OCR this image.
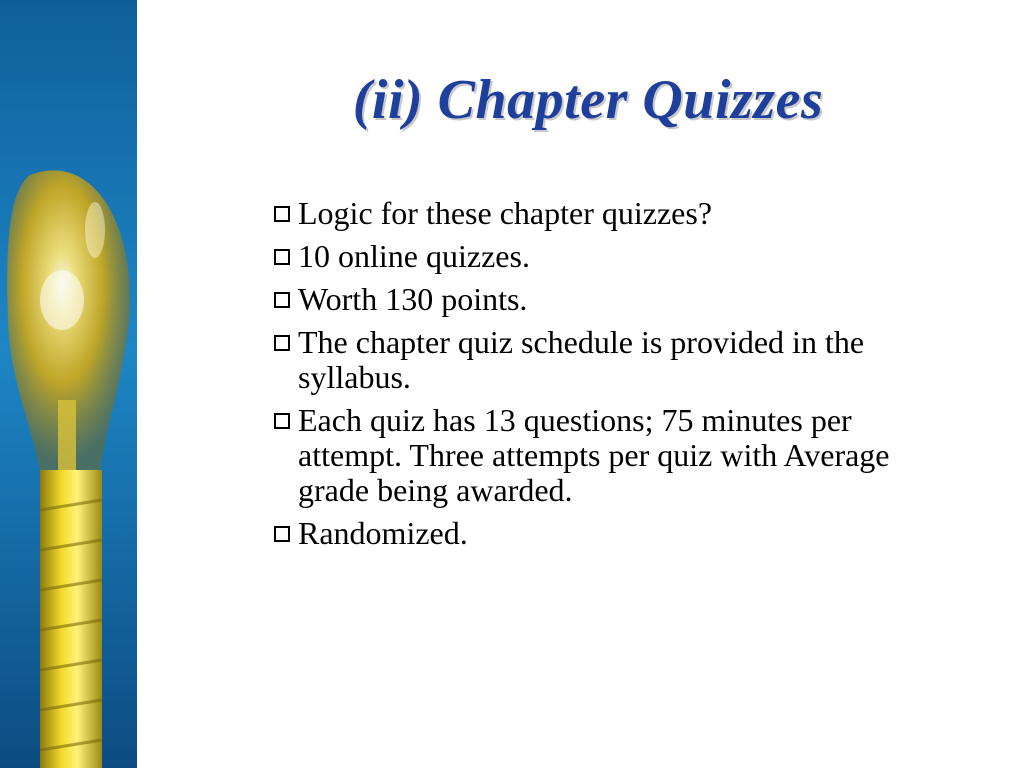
(ii) Chapter Quizzes
Logic for these chapter quizzes?
10 online quizzes.
Worth 130 points.
The chapter quiz schedule is provided in the syllabus.
Each quiz has 13 questions; 75 minutes per attempt. Three attempts per quiz with Average grade being awarded.
Randomized.
